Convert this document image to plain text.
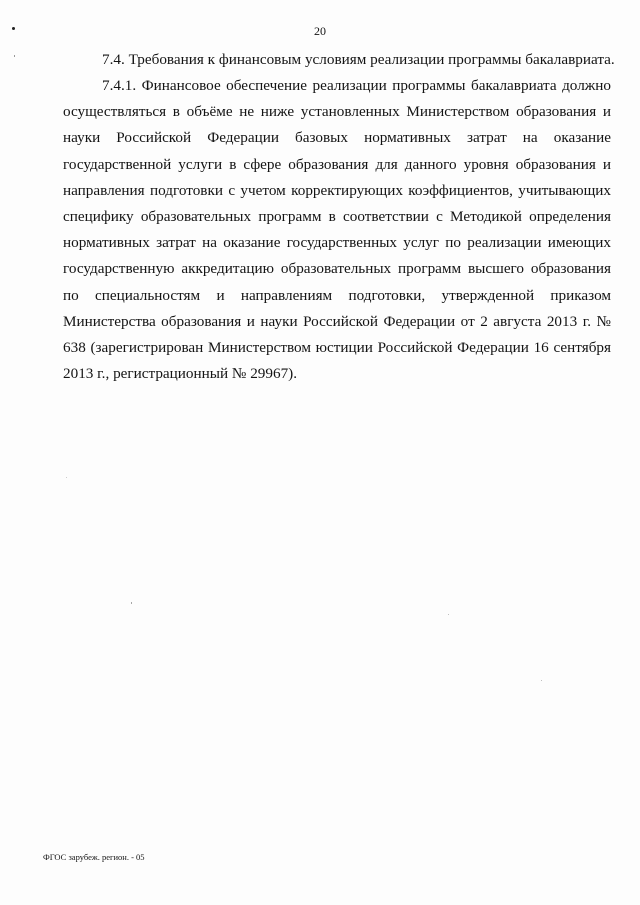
20

7.4. Требования к финансовым условиям реализации программы бакалавриата.

7.4.1. Финансовое обеспечение реализации программы бакалавриата должно осуществляться в объёме не ниже установленных Министерством образования и науки Российской Федерации базовых нормативных затрат на оказание государственной услуги в сфере образования для данного уровня образования и направления подготовки с учетом корректирующих коэффициентов, учитывающих специфику образовательных программ в соответствии с Методикой определения нормативных затрат на оказание государственных услуг по реализации имеющих государственную аккредитацию образовательных программ высшего образования по специальностям и направлениям подготовки, утвержденной приказом Министерства образования и науки Российской Федерации от 2 августа 2013 г. № 638 (зарегистрирован Министерством юстиции Российской Федерации 16 сентября 2013 г., регистрационный № 29967).

ФГОС зарубеж. регион. - 05
